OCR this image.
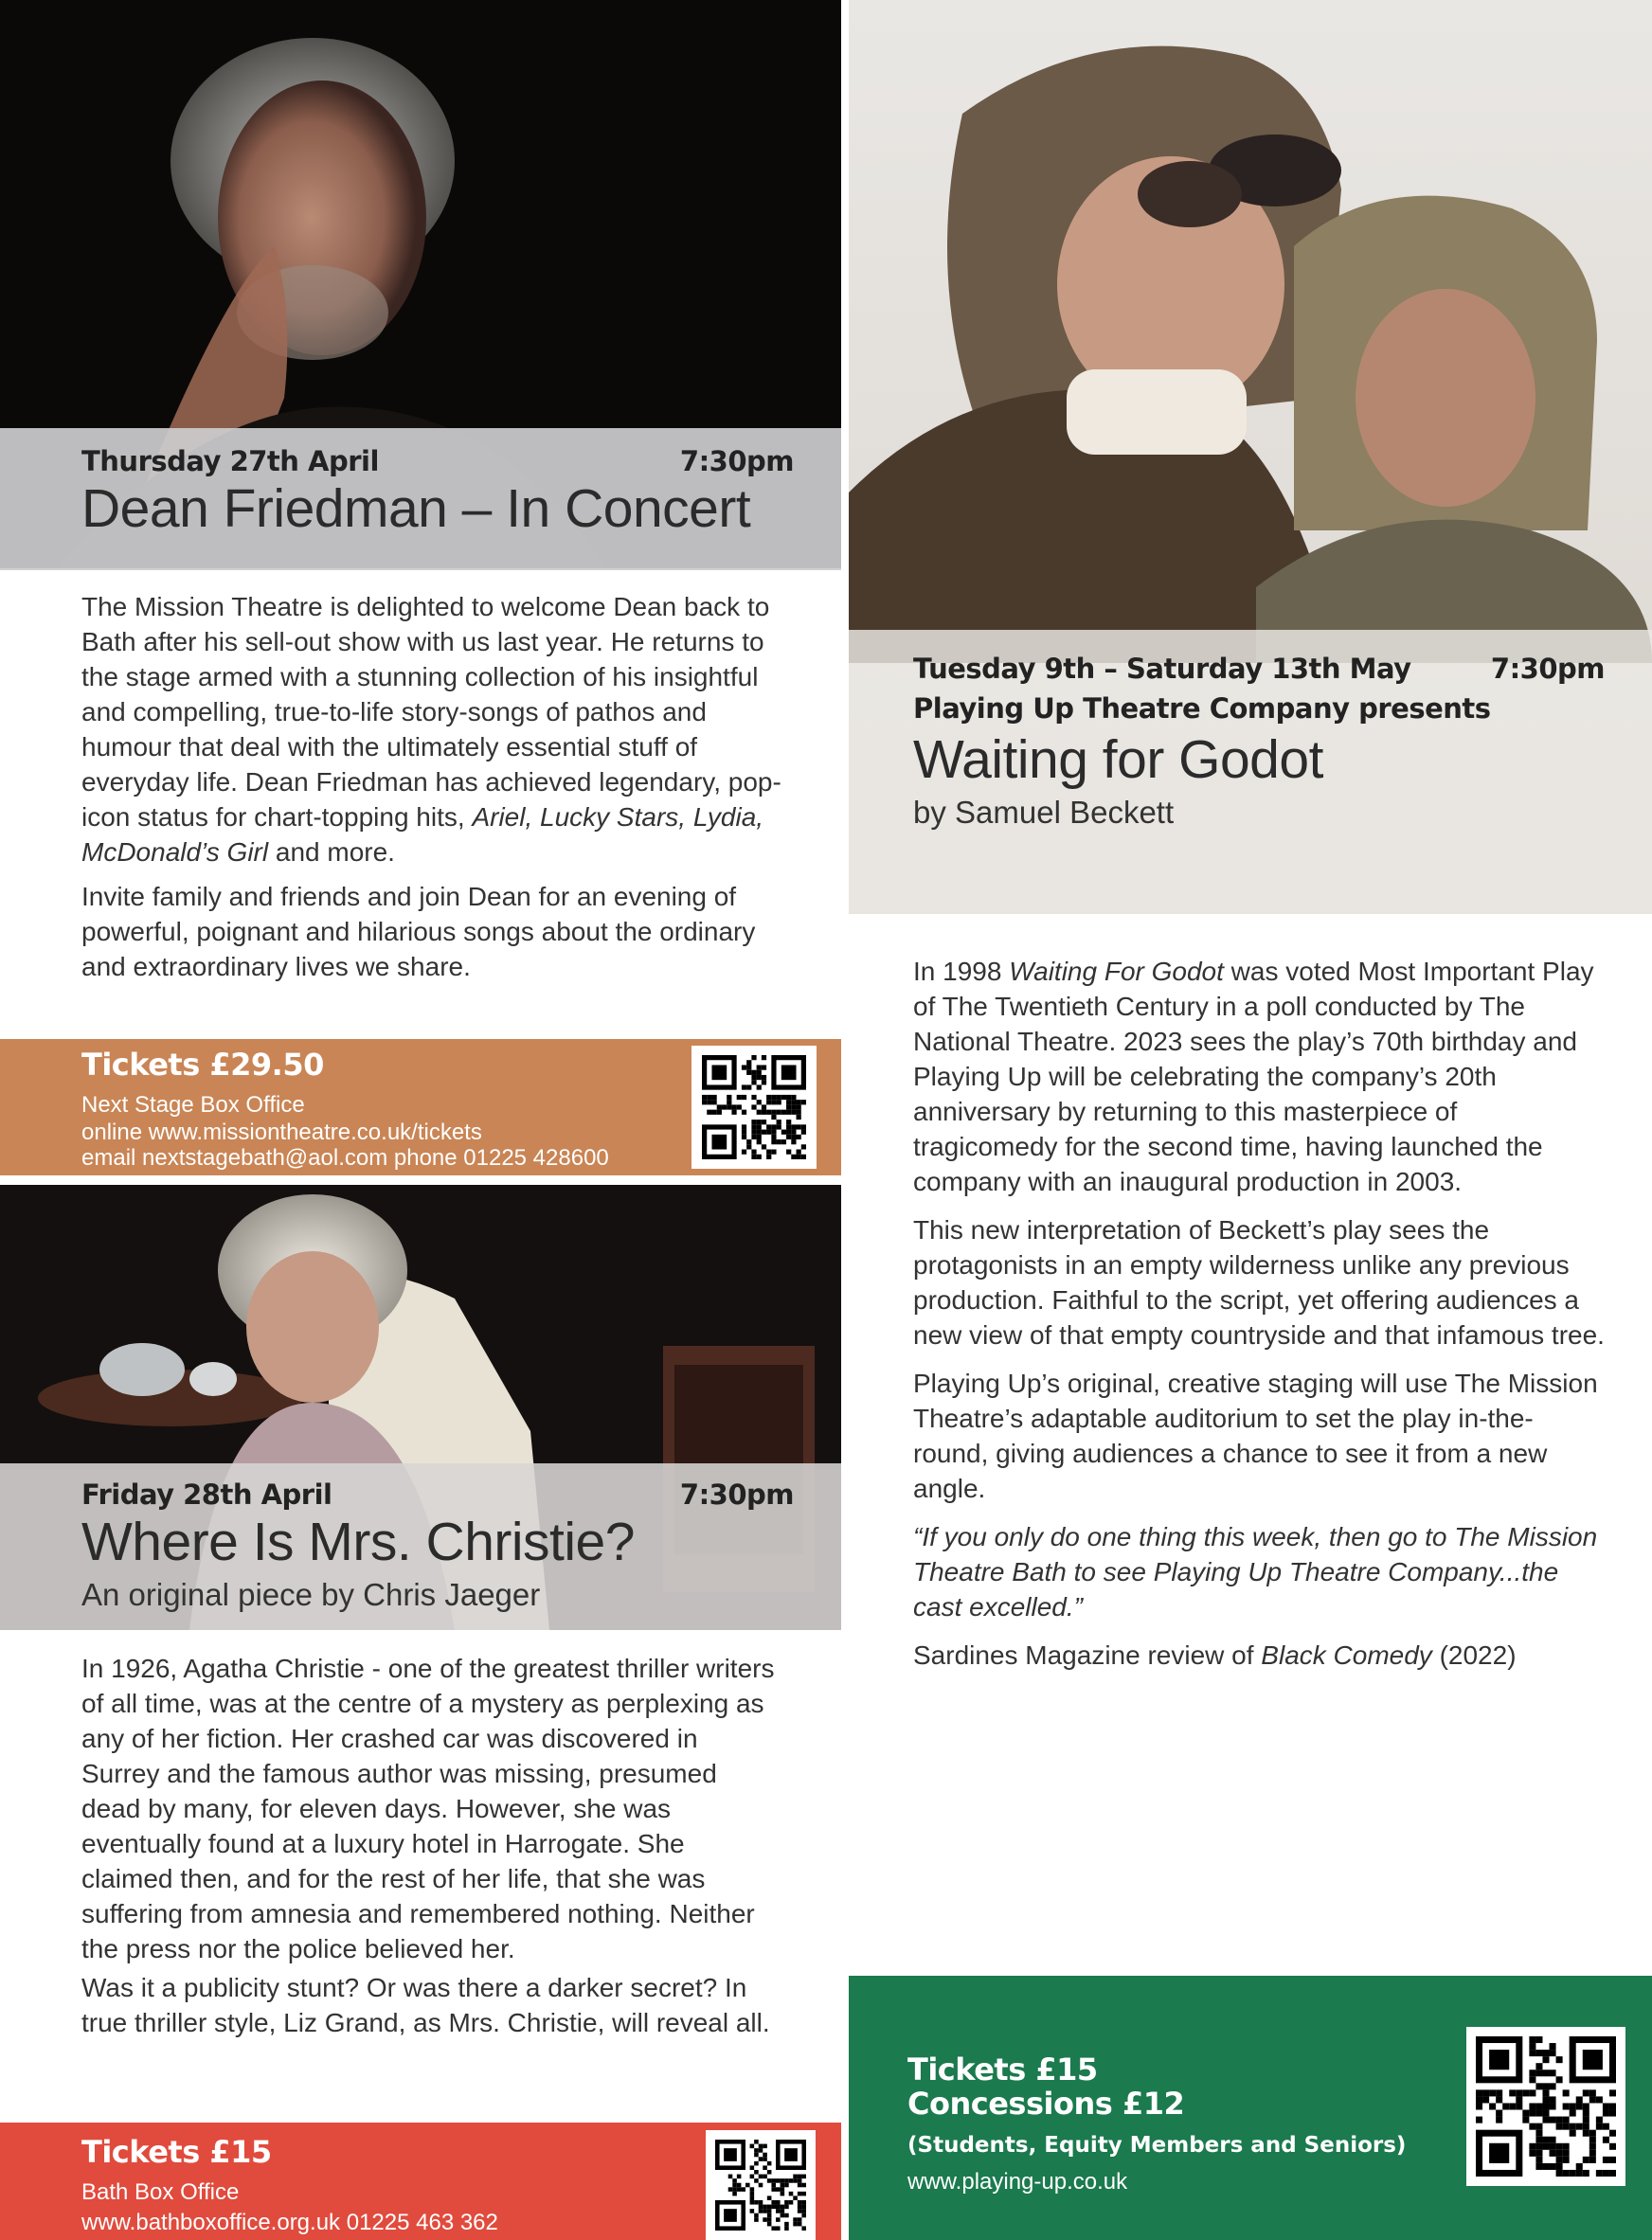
Thursday 27th April	7:30pm
Dean Friedman – In Concert

The Mission Theatre is delighted to welcome Dean back to Bath after his sell-out show with us last year. He returns to the stage armed with a stunning collection of his insightful and compelling, true-to-life story-songs of pathos and humour that deal with the ultimately essential stuff of everyday life. Dean Friedman has achieved legendary, pop-icon status for chart-topping hits, Ariel, Lucky Stars, Lydia, McDonald’s Girl and more.

Invite family and friends and join Dean for an evening of powerful, poignant and hilarious songs about the ordinary and extraordinary lives we share.

Tickets £29.50
Next Stage Box Office
online www.missiontheatre.co.uk/tickets
email nextstagebath@aol.com phone 01225 428600
Friday 28th April	7:30pm
Where Is Mrs. Christie?
An original piece by Chris Jaeger

In 1926, Agatha Christie - one of the greatest thriller writers of all time, was at the centre of a mystery as perplexing as any of her fiction. Her crashed car was discovered in Surrey and the famous author was missing, presumed dead by many, for eleven days. However, she was eventually found at a luxury hotel in Harrogate. She claimed then, and for the rest of her life, that she was suffering from amnesia and remembered nothing. Neither the press nor the police believed her.

Was it a publicity stunt? Or was there a darker secret? In true thriller style, Liz Grand, as Mrs. Christie, will reveal all.

Tickets £15
Bath Box Office
www.bathboxoffice.org.uk 01225 463 362
Tuesday 9th – Saturday 13th May	7:30pm
Playing Up Theatre Company presents
Waiting for Godot
by Samuel Beckett

In 1998 Waiting For Godot was voted Most Important Play of The Twentieth Century in a poll conducted by The National Theatre. 2023 sees the play’s 70th birthday and Playing Up will be celebrating the company’s 20th anniversary by returning to this masterpiece of tragicomedy for the second time, having launched the company with an inaugural production in 2003.

This new interpretation of Beckett’s play sees the protagonists in an empty wilderness unlike any previous production. Faithful to the script, yet offering audiences a new view of that empty countryside and that infamous tree.

Playing Up’s original, creative staging will use The Mission Theatre’s adaptable auditorium to set the play in-the-round, giving audiences a chance to see it from a new angle.

“If you only do one thing this week, then go to The Mission Theatre Bath to see Playing Up Theatre Company...the cast excelled.”

Sardines Magazine review of Black Comedy (2022)

Tickets £15
Concessions £12
(Students, Equity Members and Seniors)
www.playing-up.co.uk
